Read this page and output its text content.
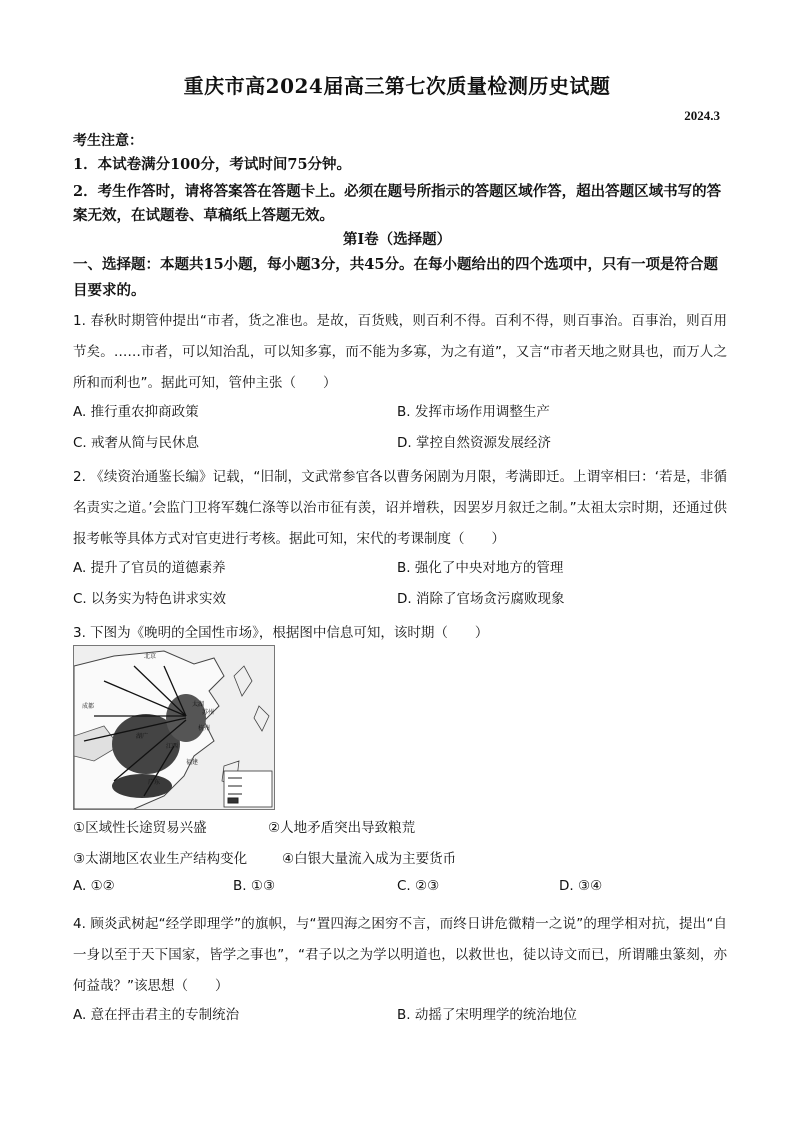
重庆市高2024届高三第七次质量检测历史试题
2024.3
考生注意：
1．本试卷满分100分，考试时间75分钟。
2．考生作答时，请将答案答在答题卡上。必须在题号所指示的答题区域作答，超出答题区域书写的答案无效，在试题卷、草稿纸上答题无效。
第Ⅰ卷（选择题）
一、选择题：本题共15小题，每小题3分，共45分。在每小题给出的四个选项中，只有一项是符合题目要求的。
1. 春秋时期管仲提出“市者，货之准也。是故，百货贱，则百利不得。百利不得，则百事治。百事治，则百用节矣。……市者，可以知治乱，可以知多寡，而不能为多寡，为之有道”，又言“市者天地之财具也，而万人之所和而利也”。据此可知，管仲主张（　　）
A. 推行重农抑商政策	B. 发挥市场作用调整生产
C. 戒奢从简与民休息	D. 掌控自然资源发展经济
2. 《续资治通鉴长编》记载，“旧制，文武常参官各以曹务闲剧为月限，考满即迁。上谓宰相曰：‘若是，非循名责实之道。’会监门卫将军魏仁涤等以治市征有羡，诏并增秩，因罢岁月叙迁之制。”太祖太宗时期，还通过供报考帐等具体方式对官吏进行考核。据此可知，宋代的考课制度（　　）
A. 提升了官员的道德素养	B. 强化了中央对地方的管理
C. 以务实为特色讲求实效	D. 消除了官场贪污腐败现象
3. 下图为《晚明的全国性市场》，根据图中信息可知，该时期（　　）
成都
北京
太湖
苏州
杭州
江西
湖广
福建
广东
①区域性长途贸易兴盛	②人地矛盾突出导致粮荒
③太湖地区农业生产结构变化	④白银大量流入成为主要货币
A. ①②	B. ①③	C. ②③	D. ③④
4. 顾炎武树起“经学即理学”的旗帜，与“置四海之困穷不言，而终日讲危微精一之说”的理学相对抗，提出“自一身以至于天下国家，皆学之事也”，“君子以之为学以明道也，以救世也，徒以诗文而已，所谓雕虫篆刻，亦何益哉？”该思想（　　）
A. 意在抨击君主的专制统治	B. 动摇了宋明理学的统治地位
